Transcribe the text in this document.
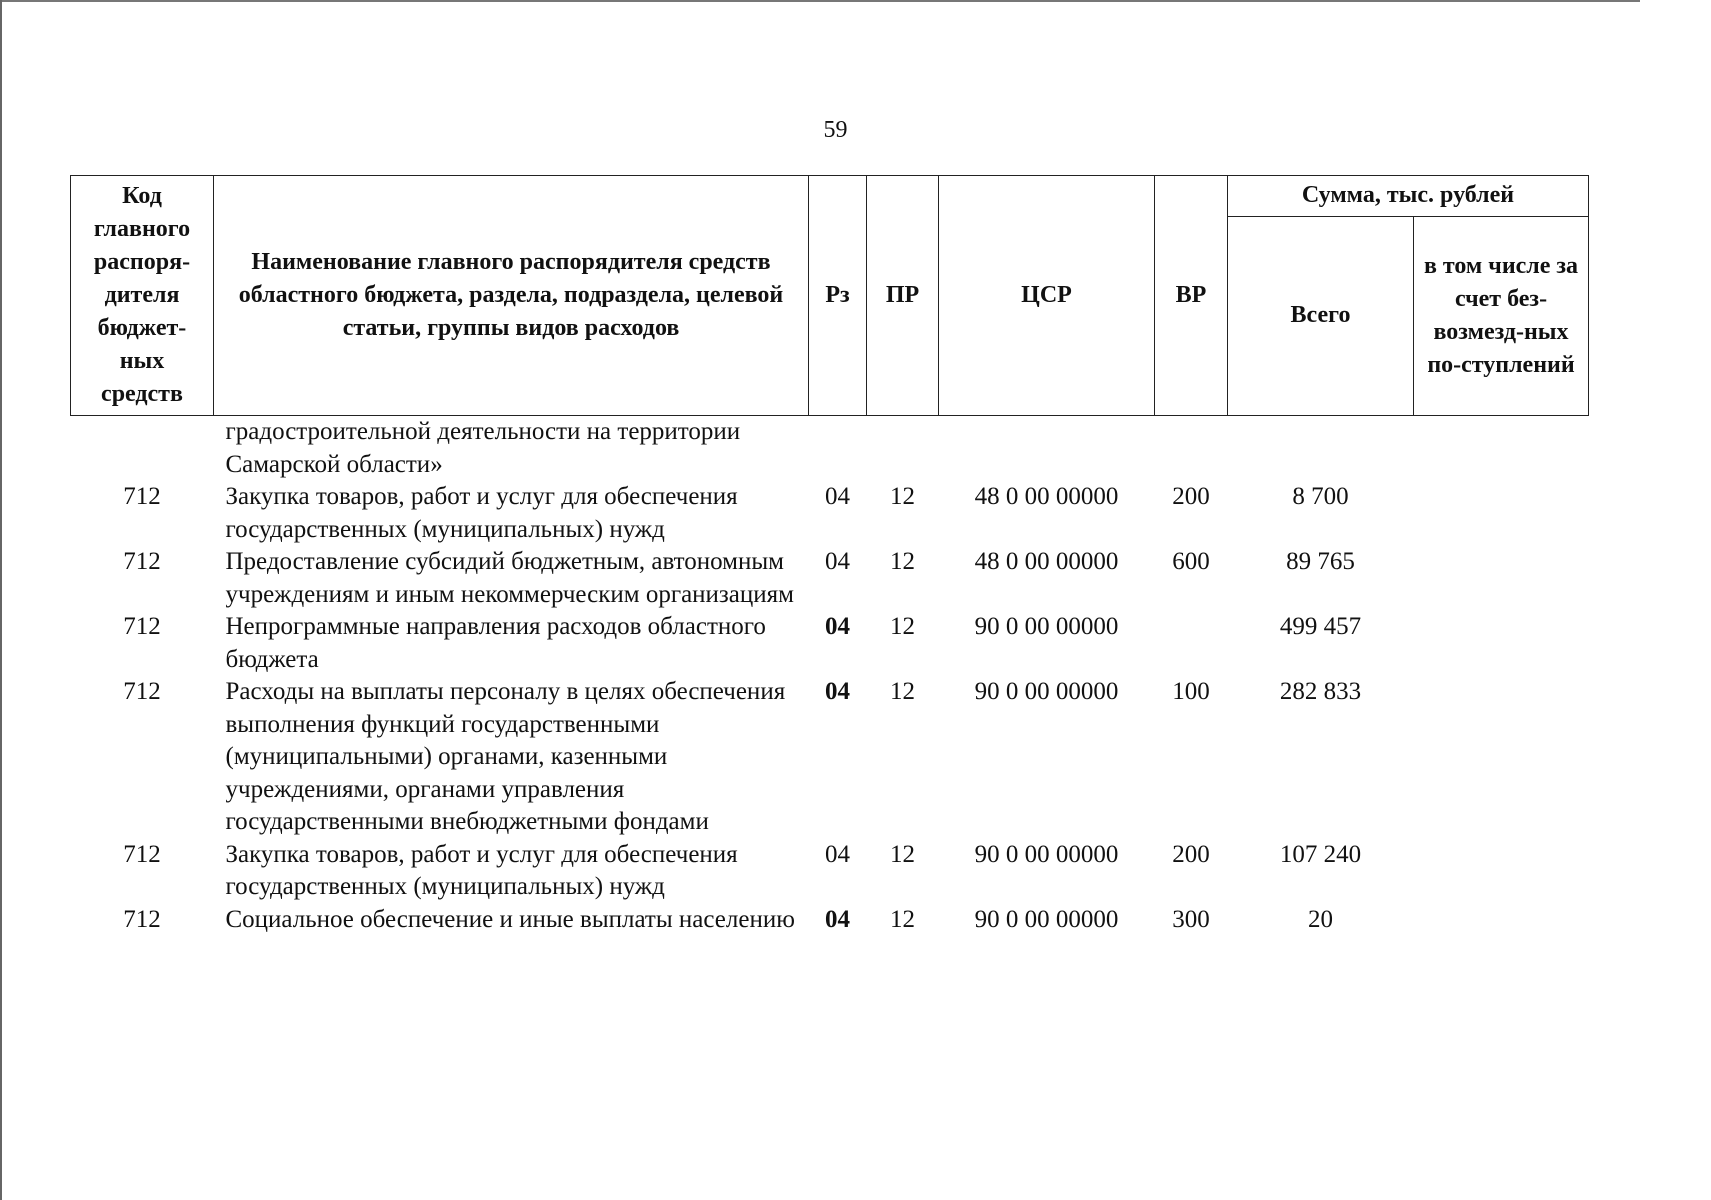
59
Код главного распоря-дителя бюджет-ных средств	Наименование главного распорядителя средств областного бюджета, раздела, подраздела, целевой статьи, группы видов расходов	Рз	ПР	ЦСР	ВР	Сумма, тыс. рублей	
						Всего	в том числе за счет без-возмезд-ных по-ступлений
	градостроительной деятельности на территории Самарской области»						
712	Закупка товаров, работ и услуг для обеспечения государственных (муниципальных) нужд	04	12	48 0 00 00000	200	8 700	
712	Предоставление субсидий бюджетным, автономным учреждениям и иным некоммерческим организациям	04	12	48 0 00 00000	600	89 765	
712	Непрограммные направления расходов областного бюджета	04	12	90 0 00 00000		499 457	
712	Расходы на выплаты персоналу в целях обеспечения выполнения функций государственными (муниципальными) органами, казенными учреждениями, органами управления государственными внебюджетными фондами	04	12	90 0 00 00000	100	282 833	
712	Закупка товаров, работ и услуг для обеспечения государственных (муниципальных) нужд	04	12	90 0 00 00000	200	107 240	
712	Социальное обеспечение и иные выплаты населению	04	12	90 0 00 00000	300	20	
